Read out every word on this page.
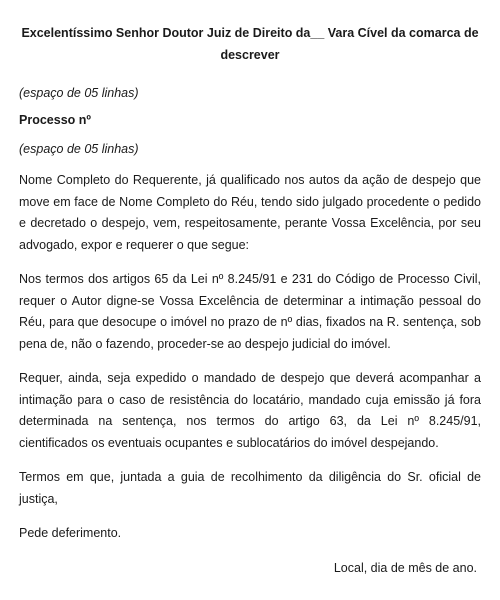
Excelentíssimo Senhor Doutor Juiz de Direito da__ Vara Cível da comarca de descrever

(espaço de 05 linhas)

Processo nº

(espaço de 05 linhas)

Nome Completo do Requerente, já qualificado nos autos da ação de despejo que move em face de Nome Completo do Réu, tendo sido julgado procedente o pedido e decretado o despejo, vem, respeitosamente, perante Vossa Excelência, por seu advogado, expor e requerer o que segue:

Nos termos dos artigos 65 da Lei nº 8.245/91 e 231 do Código de Processo Civil, requer o Autor digne-se Vossa Excelência de determinar a intimação pessoal do Réu, para que desocupe o imóvel no prazo de nº dias, fixados na R. sentença, sob pena de, não o fazendo, proceder-se ao despejo judicial do imóvel.

Requer, ainda, seja expedido o mandado de despejo que deverá acompanhar a intimação para o caso de resistência do locatário, mandado cuja emissão já fora determinada na sentença, nos termos do artigo 63, da Lei nº 8.245/91, cientificados os eventuais ocupantes e sublocatários do imóvel despejando.

Termos em que, juntada a guia de recolhimento da diligência do Sr. oficial de justiça,

Pede deferimento.

Local, dia de mês de ano.
